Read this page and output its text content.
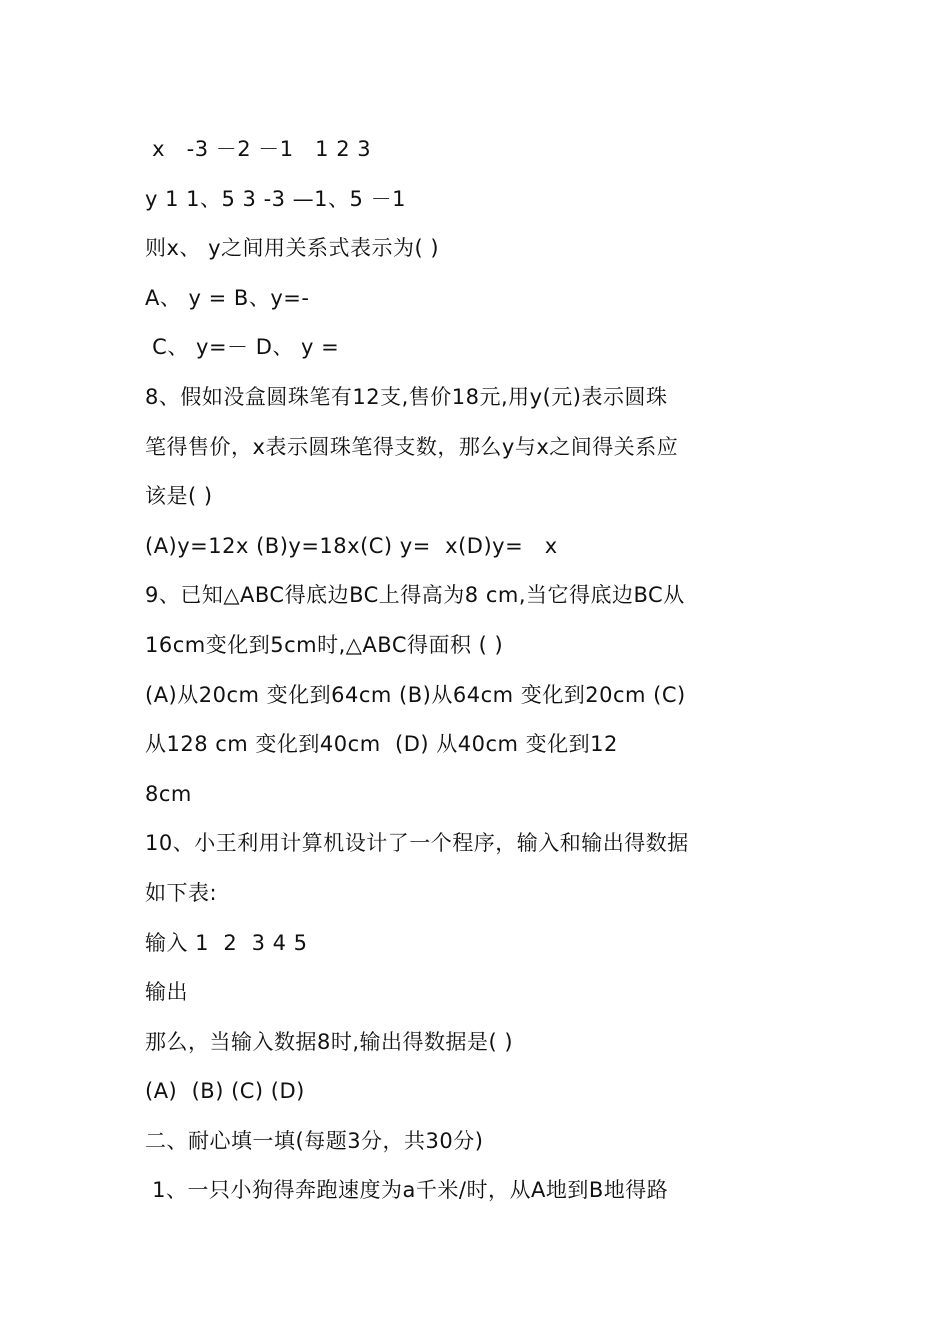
x   -3 －2 －1   1 2 3
y 1 1、5 3 -3 —1、5 －1
则x、 y之间用关系式表示为( )
A、 y = B、y=-
C、 y=－ D、 y =
8、假如没盒圆珠笔有12支,售价18元,用y(元)表示圆珠
笔得售价，x表示圆珠笔得支数，那么y与x之间得关系应
该是( )
(A)y=12x (B)y=18x(C) y=  x(D)y=   x
9、已知△ABC得底边BC上得高为8 cm,当它得底边BC从
16cm变化到5cm时,△ABC得面积 ( )
(A)从20cm 变化到64cm (B)从64cm 变化到20cm (C)
从128 cm 变化到40cm  (D) 从40cm 变化到12
8cm
10、小王利用计算机设计了一个程序，输入和输出得数据
如下表:
输入 1  2  3 4 5
输出
那么，当输入数据8时,输出得数据是( )
(A)  (B) (C) (D)
二、耐心填一填(每题3分，共30分)
1、一只小狗得奔跑速度为a千米/时，从A地到B地得路
